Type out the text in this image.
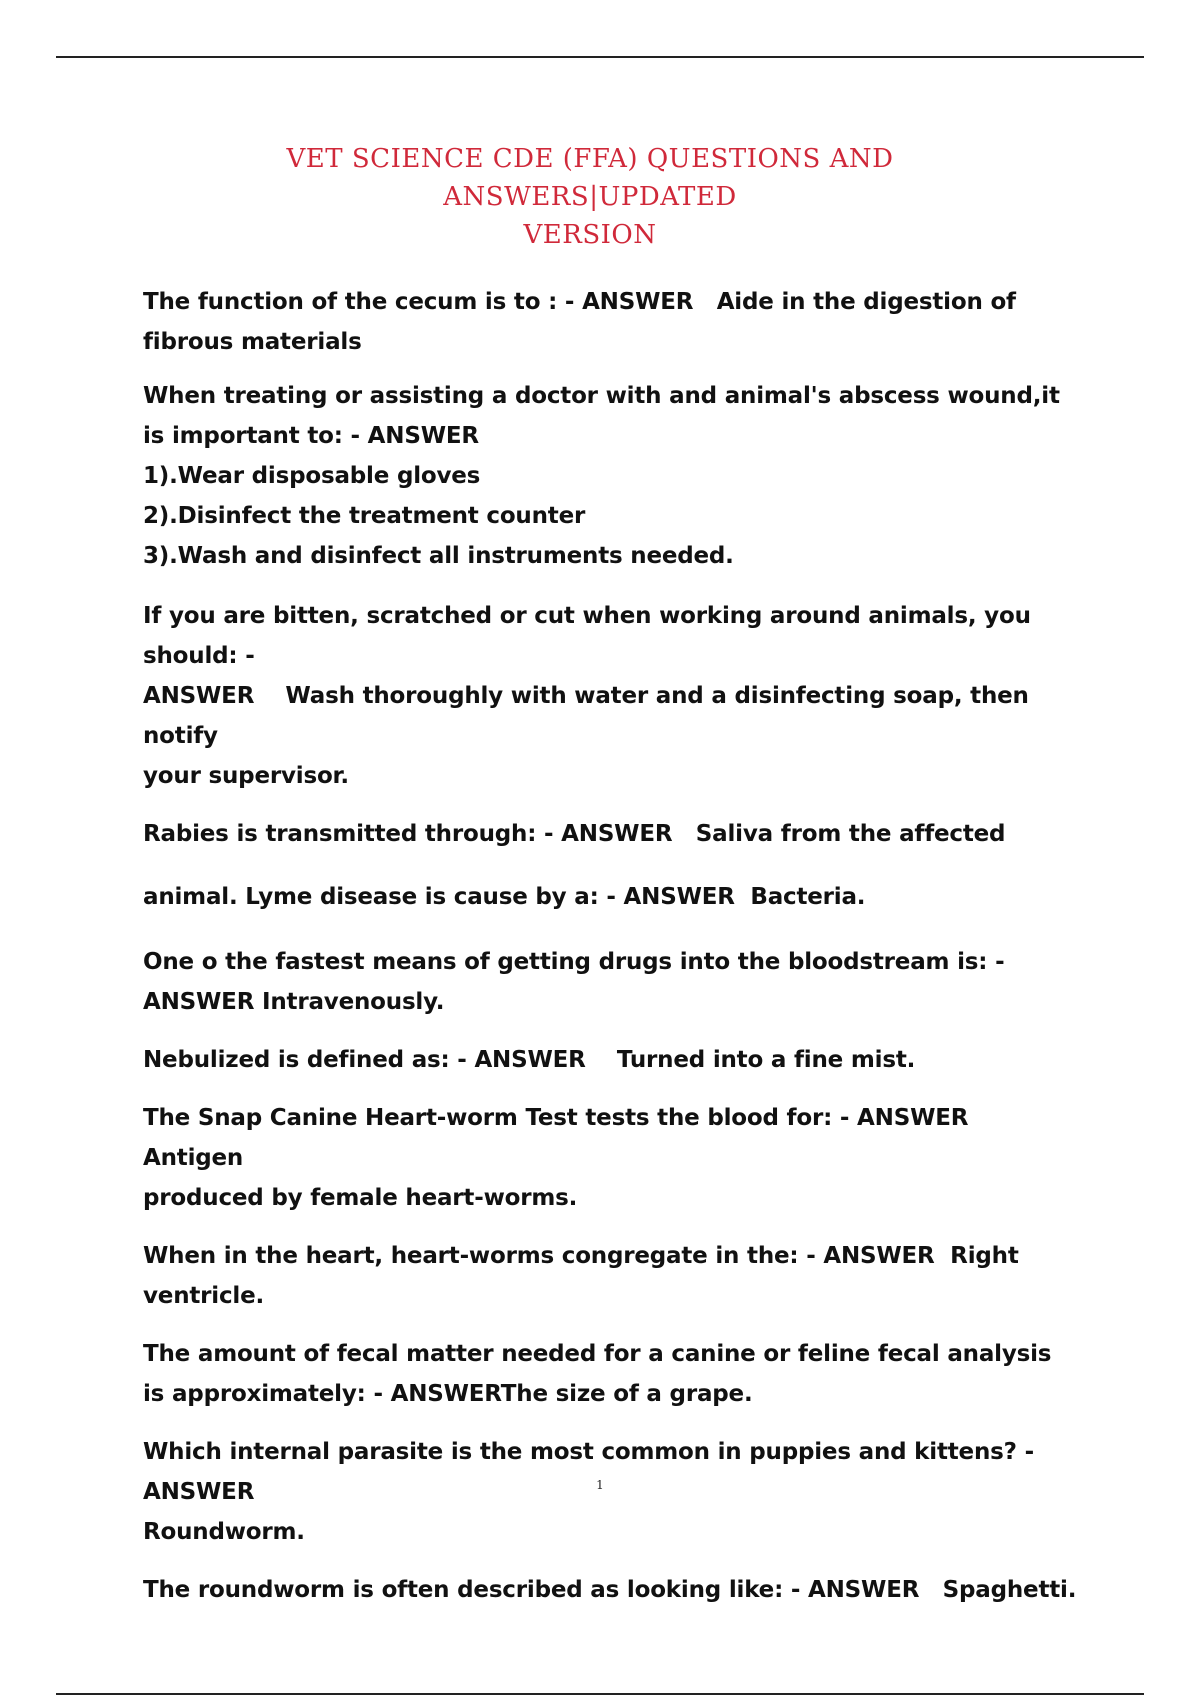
VET SCIENCE CDE (FFA) QUESTIONS AND ANSWERS|UPDATED
VERSION

The function of the cecum is to : - ANSWER   Aide in the digestion of
fibrous materials

When treating or assisting a doctor with and animal's abscess wound,it
is important to: - ANSWER
1).Wear disposable gloves
2).Disinfect the treatment counter
3).Wash and disinfect all instruments needed.

If you are bitten, scratched or cut when working around animals, you should: -
ANSWER    Wash thoroughly with water and a disinfecting soap, then notify
your supervisor.

Rabies is transmitted through: - ANSWER   Saliva from the affected

animal. Lyme disease is cause by a: - ANSWER  Bacteria.

One o the fastest means of getting drugs into the bloodstream is: -
ANSWER Intravenously.

Nebulized is defined as: - ANSWER    Turned into a fine mist.

The Snap Canine Heart-worm Test tests the blood for: - ANSWER  Antigen
produced by female heart-worms.

When in the heart, heart-worms congregate in the: - ANSWER  Right ventricle.

The amount of fecal matter needed for a canine or feline fecal analysis
is approximately: - ANSWERThe size of a grape.

Which internal parasite is the most common in puppies and kittens? - ANSWER
Roundworm.

The roundworm is often described as looking like: - ANSWER   Spaghetti.

1
